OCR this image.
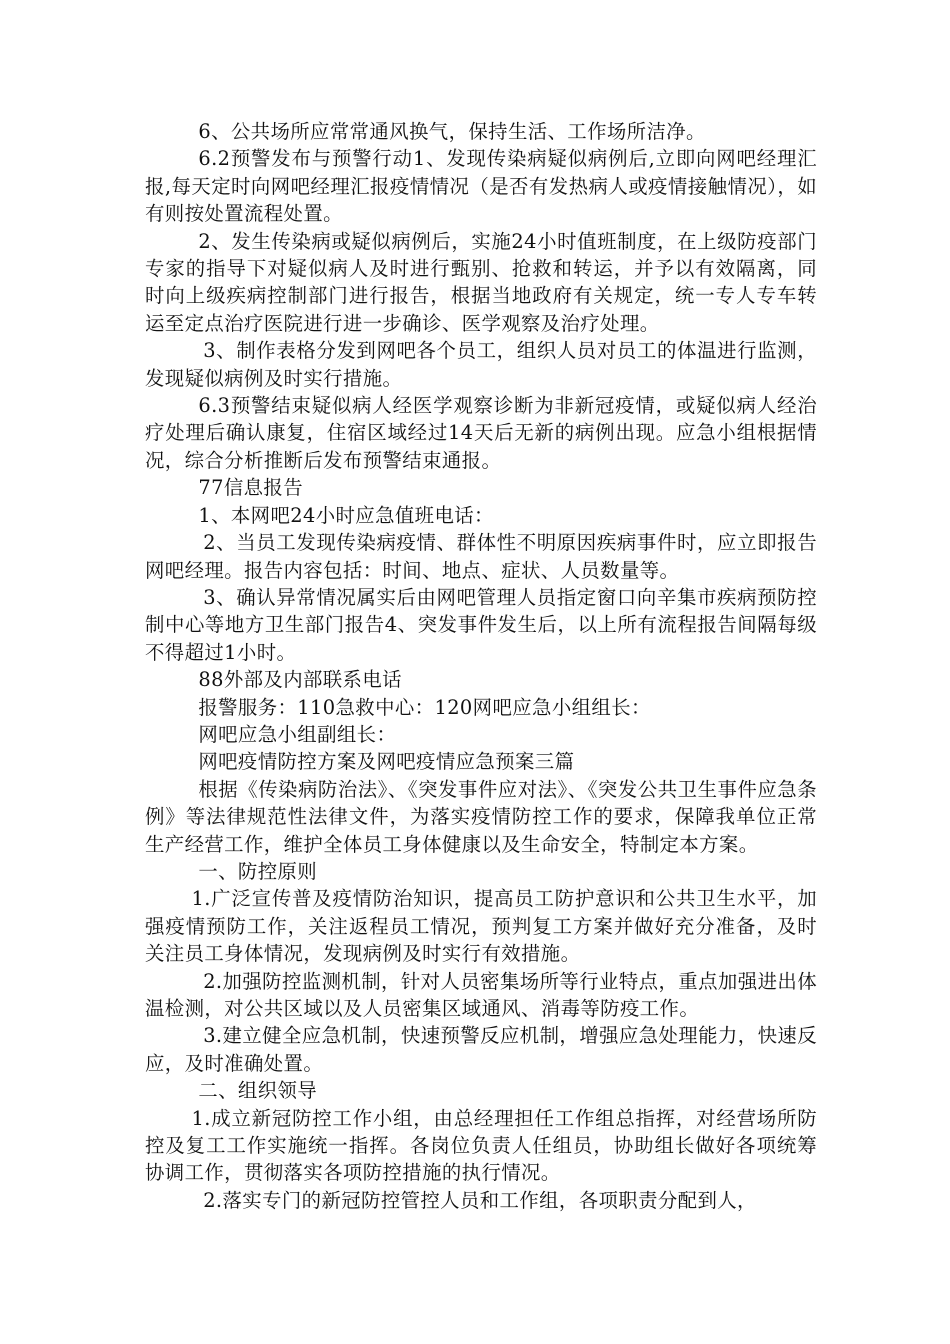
6、公共场所应常常通风换气，保持生活、工作场所洁净。

6.2预警发布与预警行动1、发现传染病疑似病例后,立即向网吧经理汇报,每天定时向网吧经理汇报疫情情况（是否有发热病人或疫情接触情况），如有则按处置流程处置。

2、发生传染病或疑似病例后，实施24小时值班制度，在上级防疫部门专家的指导下对疑似病人及时进行甄别、抢救和转运，并予以有效隔离，同时向上级疾病控制部门进行报告，根据当地政府有关规定，统一专人专车转运至定点治疗医院进行进一步确诊、医学观察及治疗处理。

3、制作表格分发到网吧各个员工，组织人员对员工的体温进行监测，发现疑似病例及时实行措施。

6.3预警结束疑似病人经医学观察诊断为非新冠疫情，或疑似病人经治疗处理后确认康复，住宿区域经过14天后无新的病例出现。应急小组根据情况，综合分析推断后发布预警结束通报。

77信息报告

1、本网吧24小时应急值班电话：

2、当员工发现传染病疫情、群体性不明原因疾病事件时，应立即报告网吧经理。报告内容包括：时间、地点、症状、人员数量等。

3、确认异常情况属实后由网吧管理人员指定窗口向辛集市疾病预防控制中心等地方卫生部门报告4、突发事件发生后，以上所有流程报告间隔每级不得超过1小时。

88外部及内部联系电话

报警服务：110急救中心：120网吧应急小组组长：

网吧应急小组副组长：

网吧疫情防控方案及网吧疫情应急预案三篇

根据《传染病防治法》、《突发事件应对法》、《突发公共卫生事件应急条例》等法律规范性法律文件，为落实疫情防控工作的要求，保障我单位正常生产经营工作，维护全体员工身体健康以及生命安全，特制定本方案。

一、防控原则

1.广泛宣传普及疫情防治知识，提高员工防护意识和公共卫生水平，加强疫情预防工作，关注返程员工情况，预判复工方案并做好充分准备，及时关注员工身体情况，发现病例及时实行有效措施。

2.加强防控监测机制，针对人员密集场所等行业特点，重点加强进出体温检测，对公共区域以及人员密集区域通风、消毒等防疫工作。

3.建立健全应急机制，快速预警反应机制，增强应急处理能力，快速反应，及时准确处置。

二、组织领导

1.成立新冠防控工作小组，由总经理担任工作组总指挥，对经营场所防控及复工工作实施统一指挥。各岗位负责人任组员，协助组长做好各项统筹协调工作，贯彻落实各项防控措施的执行情况。

2.落实专门的新冠防控管控人员和工作组，各项职责分配到人，
